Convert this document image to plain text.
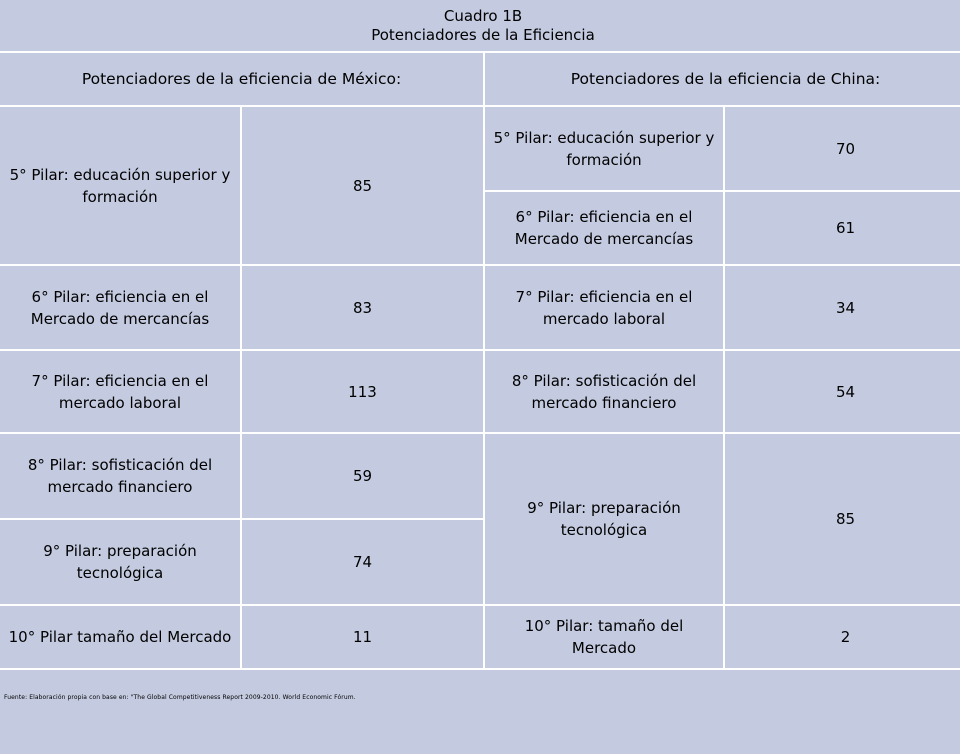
Cuadro 1B
Potenciadores de la Eficiencia
Potenciadores de la eficiencia de México:	Potenciadores de la eficiencia de China:
5° Pilar: educación superior y formación
85
6° Pilar: eficiencia en el Mercado de mercancías
83
7° Pilar: eficiencia en el mercado laboral
113
8° Pilar: sofisticación del mercado financiero
59
9° Pilar: preparación tecnológica
74
10° Pilar tamaño del Mercado	11
5° Pilar: educación superior y formación
70
6° Pilar: eficiencia en el Mercado de mercancías
61
7° Pilar: eficiencia en el mercado laboral
34
8° Pilar: sofisticación del mercado financiero
54
9° Pilar: preparación tecnológica
85
10° Pilar: tamaño del Mercado
2
Fuente: Elaboración propia con base en: "The Global Competitiveness Report 2009-2010. World Economic Fórum.
